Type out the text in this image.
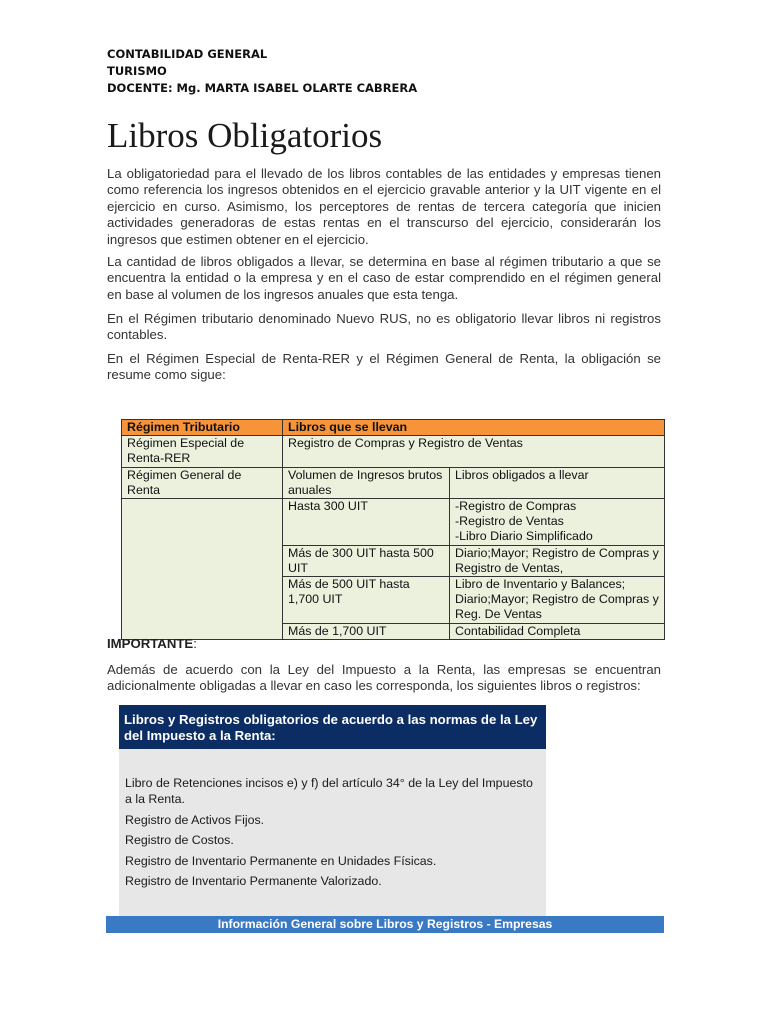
CONTABILIDAD GENERAL
TURISMO
DOCENTE: Mg. MARTA ISABEL OLARTE CABRERA
Libros Obligatorios

La obligatoriedad para el llevado de los libros contables de las entidades y empresas tienen como referencia los ingresos obtenidos en el ejercicio gravable anterior y la UIT vigente en el ejercicio en curso. Asimismo, los perceptores de rentas de tercera categoría que inicien actividades generadoras de estas rentas en el transcurso del ejercicio, considerarán los ingresos que estimen obtener en el ejercicio.

La cantidad de libros obligados a llevar, se determina en base al régimen tributario a que se encuentra la entidad o la empresa y en el caso de estar comprendido en el régimen general en base al volumen de los ingresos anuales que esta tenga.

En el Régimen tributario denominado Nuevo RUS, no es obligatorio llevar libros ni registros contables.

En el Régimen Especial de Renta-RER y el Régimen General de Renta, la obligación se resume como sigue:

Régimen Tributario	Libros que se llevan	
Régimen Especial de Renta-RER	Registro de Compras y Registro de Ventas	
Régimen General de Renta	Volumen de Ingresos brutos anuales	Libros obligados a llevar
	Hasta 300 UIT	-Registro de Compras
-Registro de Ventas
-Libro Diario Simplificado

	Más de 300 UIT hasta 500 UIT	Diario;Mayor; Registro de Compras y Registro de Ventas,
	Más de 500 UIT hasta 1,700 UIT	Libro de Inventario y Balances; Diario;Mayor; Registro de Compras y Reg. De Ventas
	Más de 1,700 UIT	Contabilidad Completa
IMPORTANTE:

Además de acuerdo con la Ley del Impuesto a la Renta, las empresas se encuentran adicionalmente obligadas a llevar en caso les corresponda, los siguientes libros o registros:

Libros y Registros obligatorios de acuerdo a las normas de la Ley del Impuesto a la Renta:
Libro de Retenciones incisos e) y f) del artículo 34° de la Ley del Impuesto a la Renta.
Registro de Activos Fijos.
Registro de Costos.
Registro de Inventario Permanente en Unidades Físicas.
Registro de Inventario Permanente Valorizado.
Información General sobre Libros y Registros - Empresas
